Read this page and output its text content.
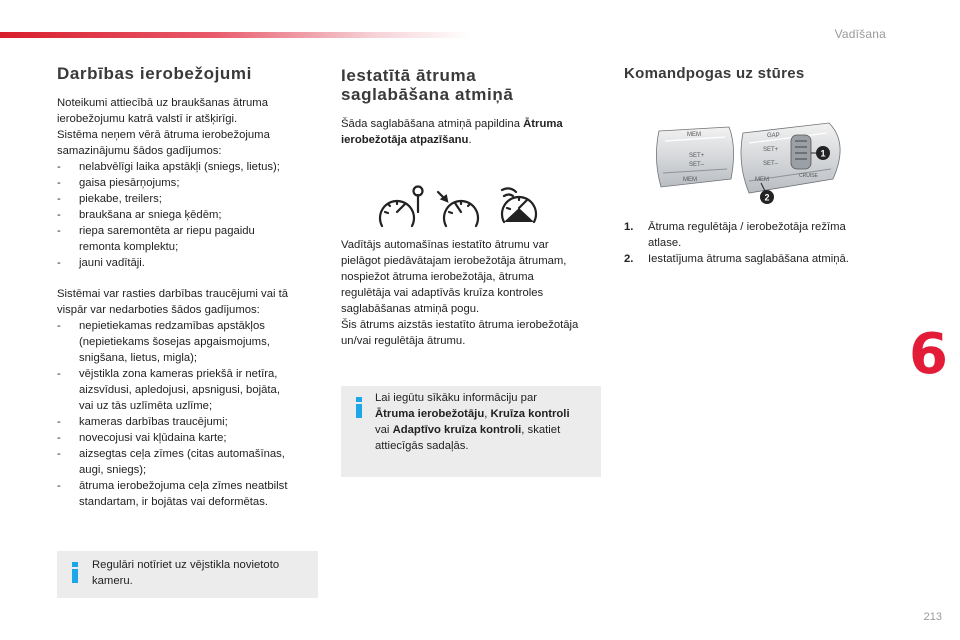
Vadīšana
6
213
Darbības ierobežojumi

Noteikumi attiecībā uz braukšanas ātruma
ierobežojumu katrā valstī ir atšķirīgi.
Sistēma neņem vērā ātruma ierobežojuma
samazinājumu šādos gadījumos:

- nelabvēlīgi laika apstākļi (sniegs, lietus);
- gaisa piesārņojums;
- piekabe, treilers;
- braukšana ar sniega ķēdēm;
- riepa saremontēta ar riepu pagaidu
remonta komplektu;
- jauni vadītāji.

Sistēmai var rasties darbības traucējumi vai tā
vispār var nedarboties šādos gadījumos:

- nepietiekamas redzamības apstākļos
(nepietiekams šosejas apgaismojums,
snigšana, lietus, migla);
- vējstikla zona kameras priekšā ir netīra,
aizsvīdusi, apledojusi, apsnigusi, bojāta,
vai uz tās uzlīmēta uzlīme;
- kameras darbības traucējumi;
- novecojusi vai kļūdaina karte;
- aizsegtas ceļa zīmes (citas automašīnas,
augi, sniegs);
- ātruma ierobežojuma ceļa zīmes neatbilst
standartam, ir bojātas vai deformētas.
Regulāri notīriet uz vējstikla novietoto
kameru.
Iestatītā ātruma
saglabāšana atmiņā

Šāda saglabāšana atmiņā papildina Ātruma
ierobežotāja atpazīšanu.

Vadītājs automašīnas iestatīto ātrumu var
pielāgot piedāvātajam ierobežotāja ātrumam,
nospiežot ātruma ierobežotāja, ātruma
regulētāja vai adaptīvās kruīza kontroles
saglabāšanas atmiņā pogu.
Šis ātrums aizstās iestatīto ātruma ierobežotāja
un/vai regulētāja ātrumu.

Lai iegūtu sīkāku informāciju par
Ātruma ierobežotāju, Kruīza kontroli
vai Adaptīvo kruīza kontroli, skatiet
attiecīgās sadaļās.
Komandpogas uz stūres
MEM
SET+
SET–
MEM
GAP
SET+
SET–
CRUISE
MEM
1
2
1. Ātruma regulētāja / ierobežotāja režīma
atlase.
2. Iestatījuma ātruma saglabāšana atmiņā.
